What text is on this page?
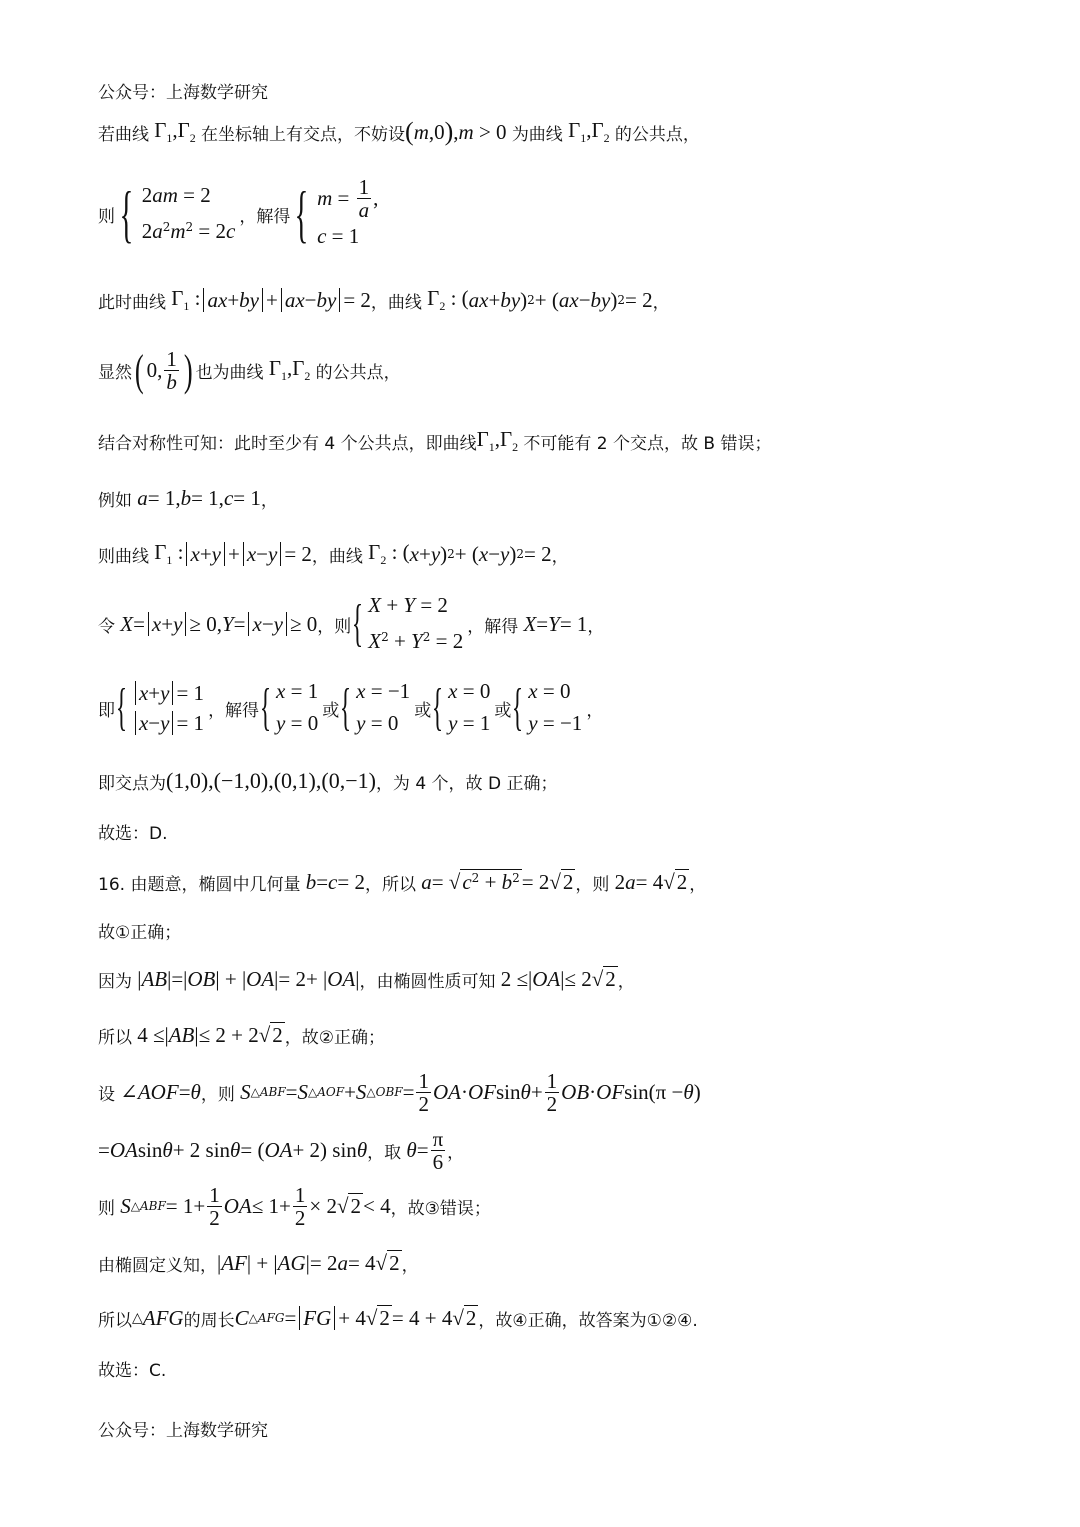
公众号：上海数学研究
若曲线 $\Gamma_1,\Gamma_2$ 在坐标轴上有交点，不妨设 ( m ,0 ) , m > 0 为曲线 $\Gamma_1,\Gamma_2$ 的公共点，
则 { 2am = 2
$2a^2m^2 = 2c$
，解得 { $m = \frac{1}{a}$ ,
c = 1
此时曲线 $\Gamma_1$ : ax + by + ax − by = 2 ，曲线 $\Gamma_2$ : ( ax + by ) 2 + ( ax − by ) 2 = 2 ，
显然 ( 0, $\frac{1}{b}$ ) 也为曲线 $\Gamma_1,\Gamma_2$ 的公共点，
结合对称性可知：此时至少有 4 个公共点，即曲线 $\Gamma_1,\Gamma_2$ 不可能有 2 个交点，故 B 错误；
例如 a = 1, b = 1, c = 1 ，
则曲线 $\Gamma_1$ : x + y + x − y = 2 ，曲线 $\Gamma_2$ : ( x + y ) 2 + ( x − y ) 2 = 2 ，
令 X = x + y ≥ 0, Y = x − y ≥ 0 ，则 { X + Y = 2
$X^2 + Y^2 = 2$
，解得 X = Y = 1 ，
即 { x + y = 1
x − y = 1
，解得 { x = 1
y = 0
或 { x = −1
y = 0
或 { x = 0
y = 1
或 { x = 0
y = −1
，
即交点为 (1,0),(−1,0),(0,1),(0,−1) ，为 4 个，故 D 正确；
故选：D.
16. 由题意，椭圆中几何量 b = c = 2 ，所以 a = √ $c^2 + b^2 = 2√$ 2 ，则 2 a = 4√ 2 ，
故①正确；
因为 | AB |=| OB | + | OA |= 2+ | OA | ，由椭圆性质可知 2 ≤| OA |≤ 2√ 2 ，
所以 4 ≤| AB |≤ 2 + 2√ 2 ，故②正确；
设 ∠ AOF = θ ，则 S △ABF = S △AOF + S △OBF = $\frac{1}{2}$ OA · OF $\sin \theta + \frac{1}{2}$ OB · OF sin(π − θ )
= OA sin θ + 2 sin θ = ( OA + 2) sin θ ，取 $\theta = \frac{\pi}{6}$ ，
则 S △ABF = $1+ \frac{1}{2}$ OA ≤ $1+ \frac{1}{2} \times 2√$ 2 < 4 ，故③错误；
由椭圆定义知， | AF | + | AG |= 2 a = 4√ 2 ，
所以 △ AFG 的周长 C △AFG = FG + 4√ 2 = 4 + 4√ 2 ，故④正确，故答案为①②④.
故选：C.
公众号：上海数学研究
